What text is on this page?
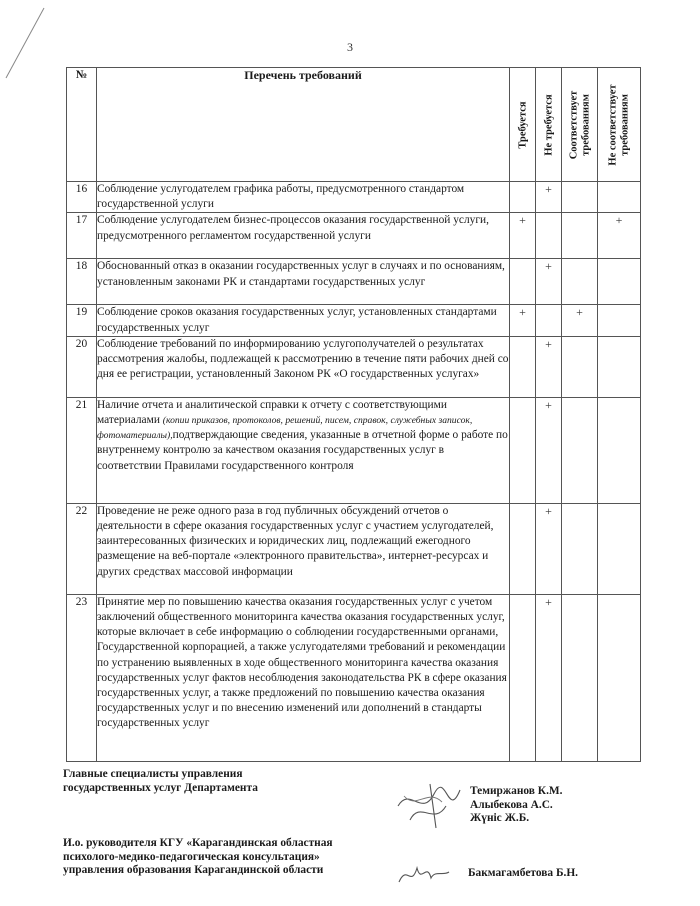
3
№	Перечень требований	Требуется	Не требуется	Соответствует
требованиям	Не соответствует
требованиям

16	Соблюдение услугодателем графика работы, предусмотренного стандартом государственной услуги		+		
17	Соблюдение услугодателем бизнес-процессов оказания государственной услуги, предусмотренного регламентом государственной услуги	+			+
18	Обоснованный отказ в оказании государственных услуг в случаях и по основаниям, установленным законами РК и стандартами государственных услуг		+		
19	Соблюдение сроков оказания государственных услуг, установленных стандартами государственных услуг	+		+	
20	Соблюдение требований по информированию услугополучателей о результатах рассмотрения жалобы, подлежащей к рассмотрению в течение пяти рабочих дней со дня ее регистрации, установленный Законом РК «О государственных услугах»		+		
21	Наличие отчета и аналитической справки к отчету с соответствующими материалами (копии приказов, протоколов, решений, писем, справок, служебных записок, фотоматериалы),подтверждающие сведения, указанные в отчетной форме о работе по внутреннему контролю за качеством оказания государственных услуг в соответствии Правилами государственного контроля		+		
22	Проведение не реже одного раза в год публичных обсуждений отчетов о деятельности в сфере оказания государственных услуг с участием услугодателей, заинтересованных физических и юридических лиц, подлежащий ежегодного размещение на веб-портале «электронного правительства», интернет-ресурсах и других средствах массовой информации		+		
23	Принятие мер по повышению качества оказания государственных услуг с учетом заключений общественного мониторинга качества оказания государственных услуг, которые включает в себе информацию о соблюдении государственными органами, Государственной корпорацией, а также услугодателями требований и рекомендации по устранению выявленных в ходе общественного мониторинга качества оказания государственных услуг фактов несоблюдения законодательства РК в сфере оказания государственных услуг, а также предложений по повышению качества оказания государственных услуг и по внесению изменений или дополнений в стандарты государственных услуг		+		
Главные специалисты управления
государственных услуг Департамента	Темиржанов К.М.
Алыбекова А.С.
Жүніс Ж.Б.
И.о. руководителя КГУ «Карагандинская областная
психолого-медико-педагогическая консультация»
управления образования Карагандинской области	Бакмагамбетова Б.Н.
